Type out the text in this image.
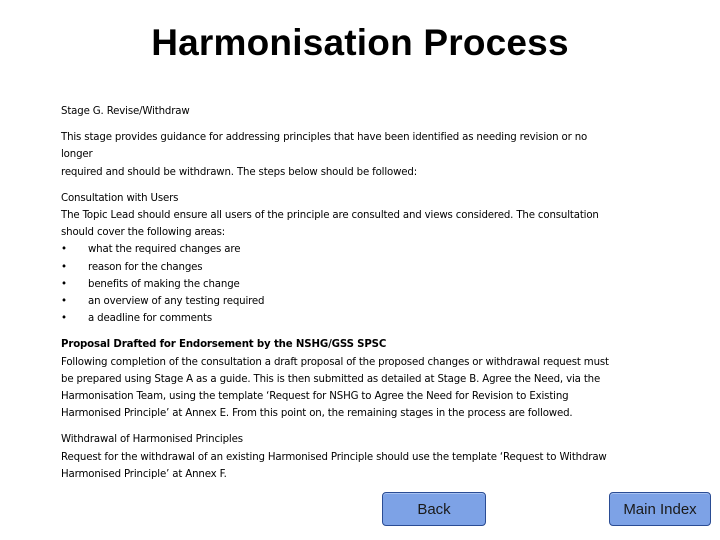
Harmonisation Process

Stage G. Revise/Withdraw

This stage provides guidance for addressing principles that have been identified as needing revision or no longer

required and should be withdrawn. The steps below should be followed:

Consultation with Users

The Topic Lead should ensure all users of the principle are consulted and views considered. The consultation

should cover the following areas:

• what the required changes are
• reason for the changes
• benefits of making the change
• an overview of any testing required
• a deadline for comments

Proposal Drafted for Endorsement by the NSHG/GSS SPSC

Following completion of the consultation a draft proposal of the proposed changes or withdrawal request must

be prepared using Stage A as a guide. This is then submitted as detailed at Stage B. Agree the Need, via the

Harmonisation Team, using the template ‘Request for NSHG to Agree the Need for Revision to Existing

Harmonised Principle’ at Annex E. From this point on, the remaining stages in the process are followed.

Withdrawal of Harmonised Principles

Request for the withdrawal of an existing Harmonised Principle should use the template ‘Request to Withdraw

Harmonised Principle’ at Annex F.

Back	Main Index
